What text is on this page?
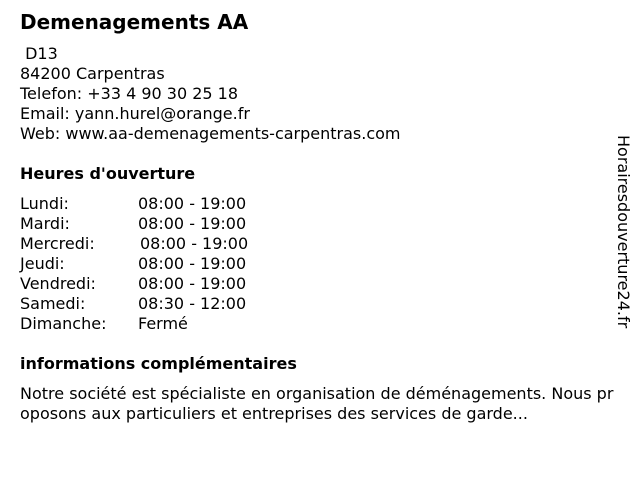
Demenagements AA
D13
84200 Carpentras
Telefon: +33 4 90 30 25 18
Email: yann.hurel@orange.fr
Web: www.aa-demenagements-carpentras.com
Heures d'ouverture
Lundi:	08:00 - 19:00
Mardi:	08:00 - 19:00
Mercredi:	08:00 - 19:00
Jeudi:	08:00 - 19:00
Vendredi:	08:00 - 19:00
Samedi:	08:30 - 12:00
Dimanche: Fermé
informations complémentaires
Notre société est spécialiste en organisation de déménagements. Nous proposons aux particuliers et entreprises des services de garde...
Horairesdouverture24.fr
